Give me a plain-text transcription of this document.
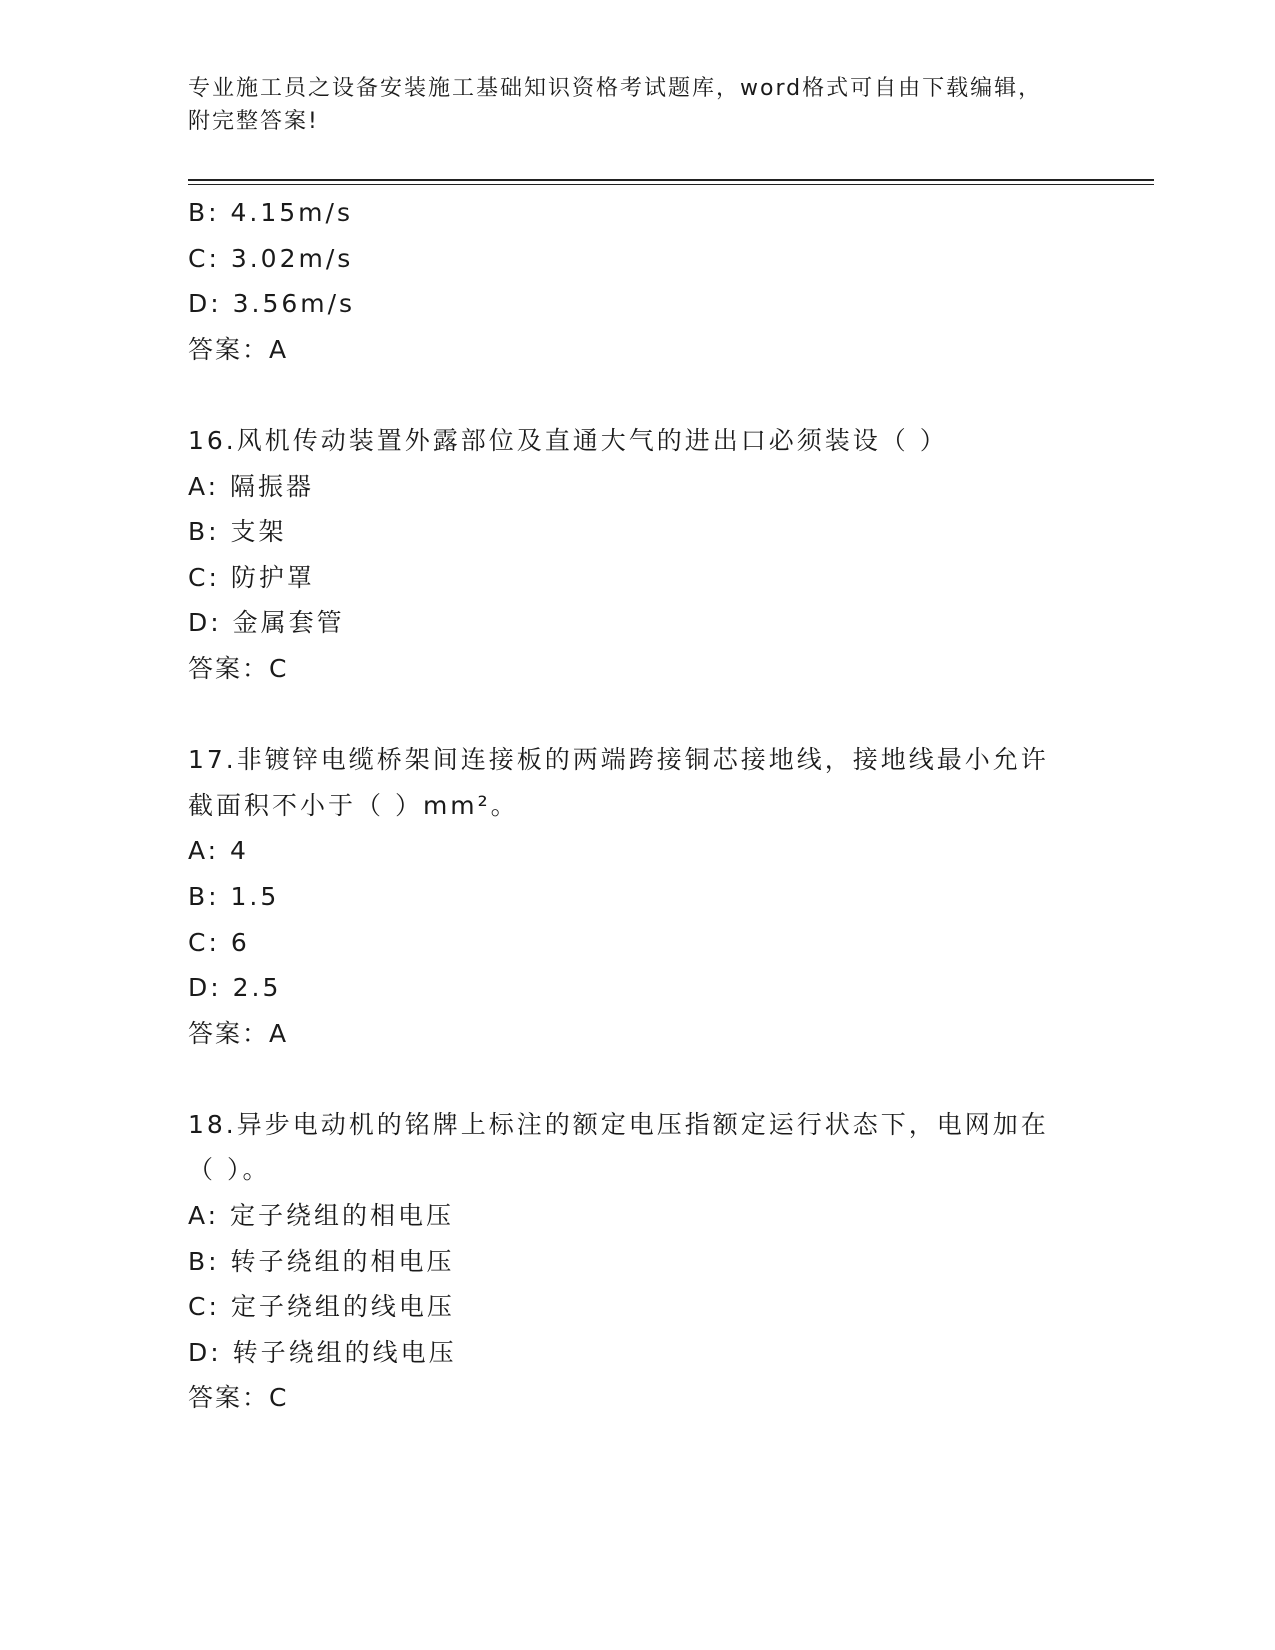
专业施工员之设备安装施工基础知识资格考试题库，word格式可自由下载编辑，
附完整答案!
B: 4.15m/s
C: 3.02m/s
D: 3.56m/s
答案：A
16.风机传动装置外露部位及直通大气的进出口必须装设（ ）
A: 隔振器
B: 支架
C: 防护罩
D: 金属套管
答案：C
17.非镀锌电缆桥架间连接板的两端跨接铜芯接地线，接地线最小允许
截面积不小于（ ）mm²。
A: 4
B: 1.5
C: 6
D: 2.5
答案：A
18.异步电动机的铭牌上标注的额定电压指额定运行状态下，电网加在
（ ）。
A: 定子绕组的相电压
B: 转子绕组的相电压
C: 定子绕组的线电压
D: 转子绕组的线电压
答案：C
